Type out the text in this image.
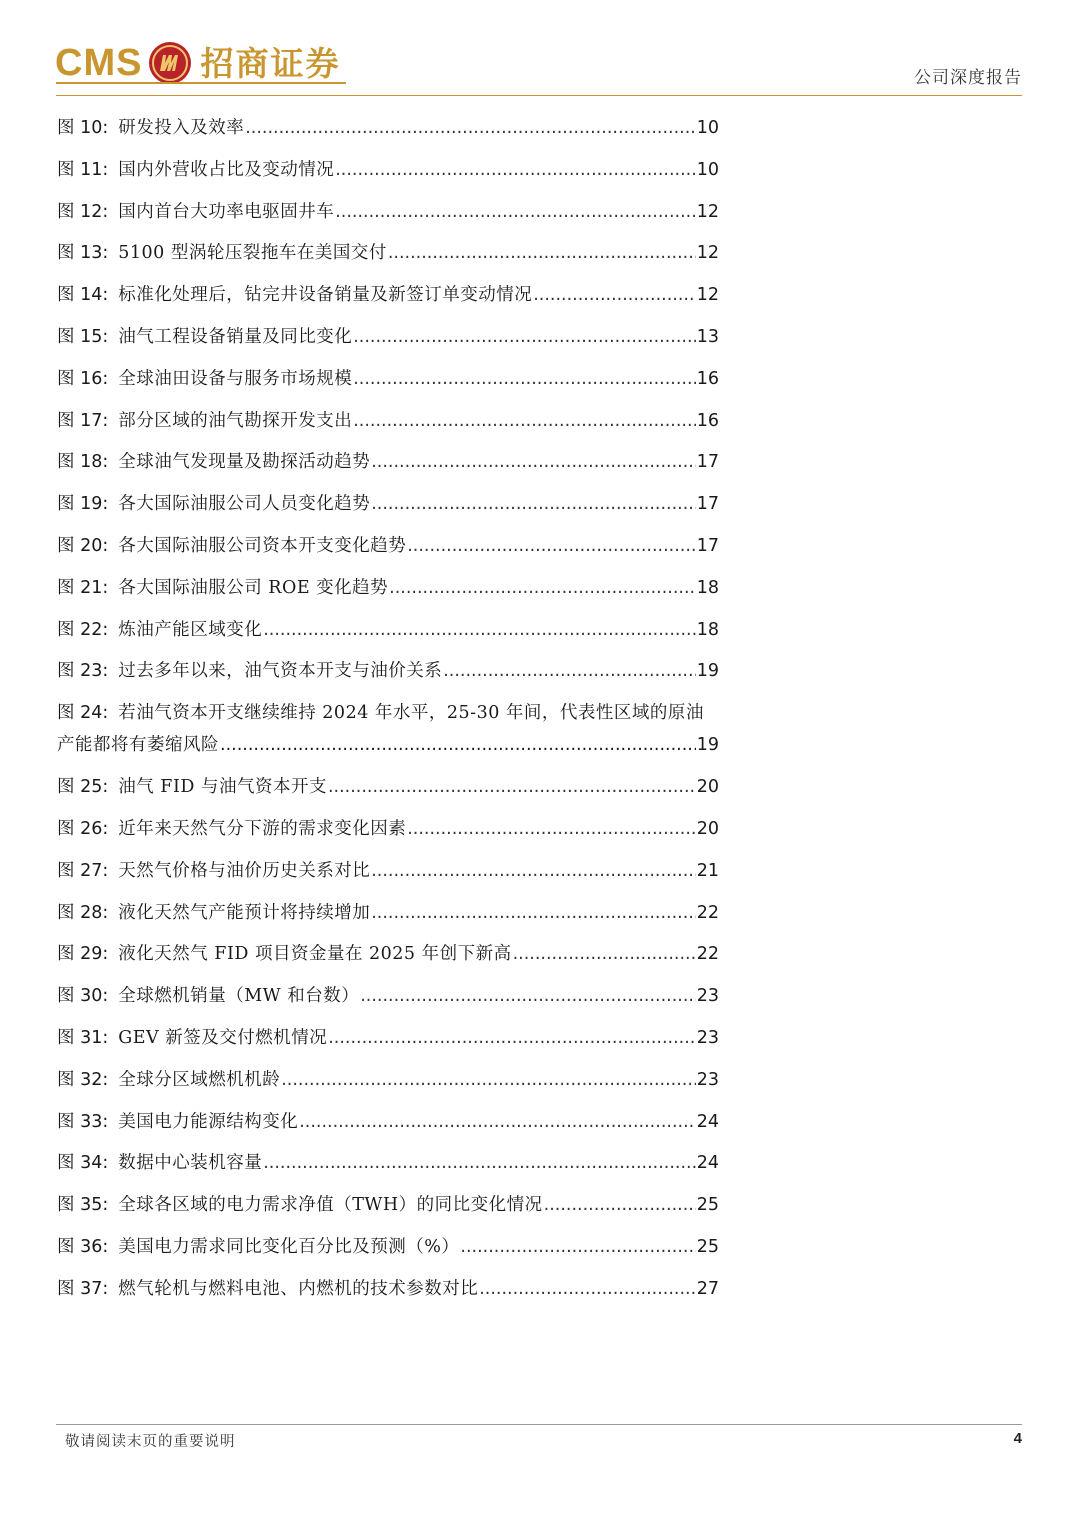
CMS 招商证券	公司深度报告
图 10: 研发投入及效率 .....	10
图 11: 国内外营收占比及变动情况 .....	10
图 12: 国内首台大功率电驱固井车 .....	12
图 13: 5100 型涡轮压裂拖车在美国交付 .....	12
图 14: 标准化处理后，钻完井设备销量及新签订单变动情况 .....	12
图 15: 油气工程设备销量及同比变化 .....	13
图 16: 全球油田设备与服务市场规模 .....	16
图 17: 部分区域的油气勘探开发支出 .....	16
图 18: 全球油气发现量及勘探活动趋势 .....	17
图 19: 各大国际油服公司人员变化趋势 .....	17
图 20: 各大国际油服公司资本开支变化趋势 .....	17
图 21: 各大国际油服公司 ROE 变化趋势 .....	18
图 22: 炼油产能区域变化 .....	18
图 23: 过去多年以来，油气资本开支与油价关系 .....	19
图 24: 若油气资本开支继续维持 2024 年水平，25-30 年间，代表性区域的原油
产能都将有萎缩风险 .....	19
图 25: 油气 FID 与油气资本开支 .....	20
图 26: 近年来天然气分下游的需求变化因素 .....	20
图 27: 天然气价格与油价历史关系对比 .....	21
图 28: 液化天然气产能预计将持续增加 .....	22
图 29: 液化天然气 FID 项目资金量在 2025 年创下新高 .....	22
图 30: 全球燃机销量（MW 和台数） .....	23
图 31: GEV 新签及交付燃机情况 .....	23
图 32: 全球分区域燃机机龄 .....	23
图 33: 美国电力能源结构变化 .....	24
图 34: 数据中心装机容量 .....	24
图 35: 全球各区域的电力需求净值（TWH）的同比变化情况 .....	25
图 36: 美国电力需求同比变化百分比及预测（%） .....	25
图 37: 燃气轮机与燃料电池、内燃机的技术参数对比 .....	27
敬请阅读末页的重要说明	4
